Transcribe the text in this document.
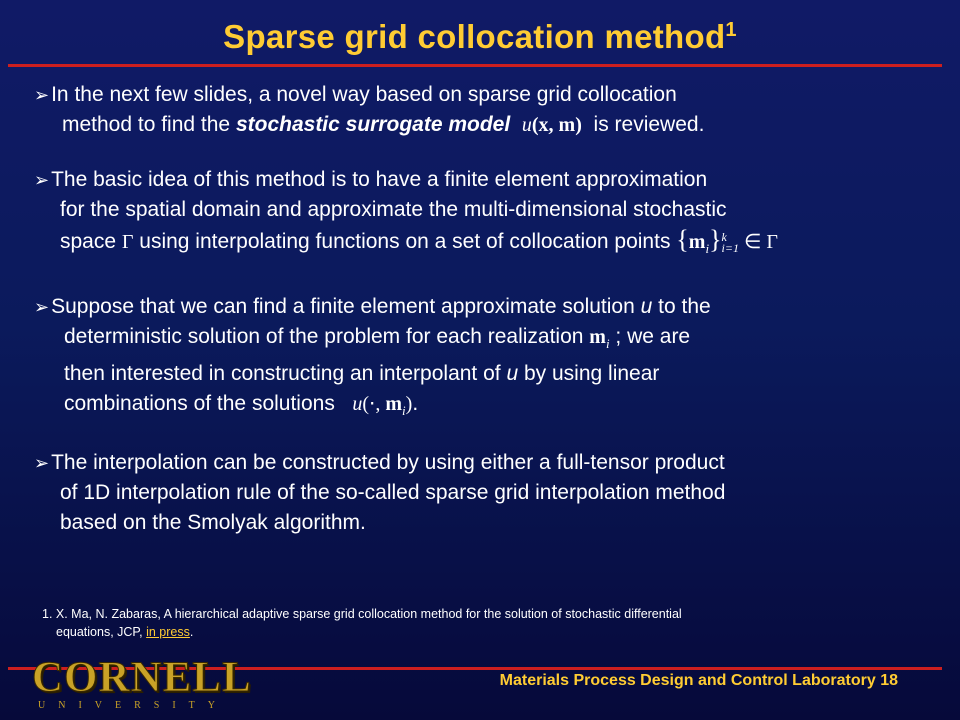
Sparse grid collocation method$^1$
➢In the next few slides, a novel way based on sparse grid collocation
method to find the stochastic surrogate model u(x, m)  is reviewed.
➢The basic idea of this method is to have a finite element approximation
for the spatial domain and approximate the multi-dimensional stochastic
space Γ using interpolating functions on a set of collocation points $\{m_i\}$ k
i=1 ∈ Γ
➢Suppose that we can find a finite element approximate solution u to the
deterministic solution of the problem for each realization $m_i$ ; we are
then interested in constructing an interpolant of u by using linear
combinations of the solutions   u(⋅, $m_i$).
➢The interpolation can be constructed by using either a full-tensor product
of 1D interpolation rule of the so-called sparse grid interpolation method
based on the Smolyak algorithm.
1. X. Ma, N. Zabaras, A hierarchical adaptive sparse grid collocation method for the solution of stochastic differential
equations, JCP, in press.
CORNELL
UNIVERSITY
Materials Process Design and Control Laboratory 18
